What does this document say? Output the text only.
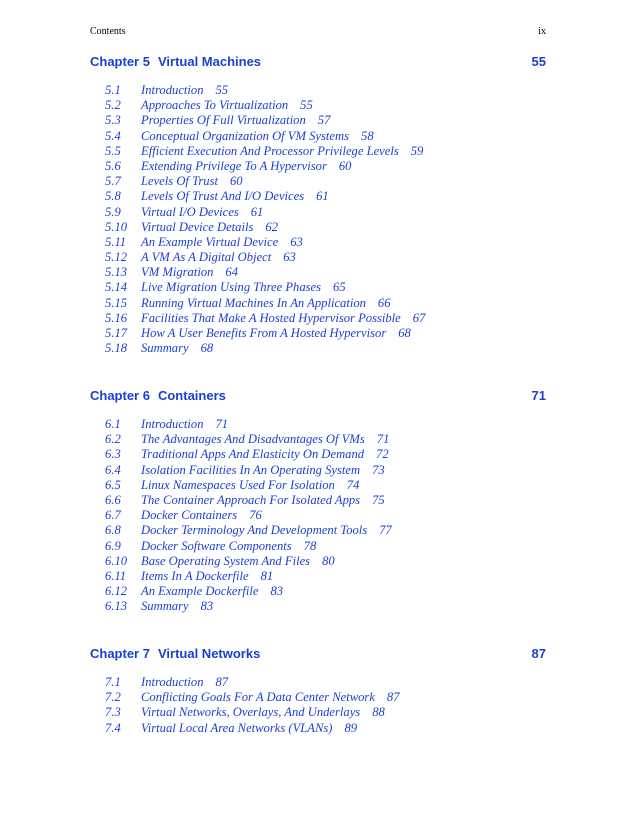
Contents	ix
Chapter 5 Virtual Machines	55
5.1 Introduction 55
5.2 Approaches To Virtualization 55
5.3 Properties Of Full Virtualization 57
5.4 Conceptual Organization Of VM Systems 58
5.5 Efficient Execution And Processor Privilege Levels 59
5.6 Extending Privilege To A Hypervisor 60
5.7 Levels Of Trust 60
5.8 Levels Of Trust And I/O Devices 61
5.9 Virtual I/O Devices 61
5.10 Virtual Device Details 62
5.11 An Example Virtual Device 63
5.12 A VM As A Digital Object 63
5.13 VM Migration 64
5.14 Live Migration Using Three Phases 65
5.15 Running Virtual Machines In An Application 66
5.16 Facilities That Make A Hosted Hypervisor Possible 67
5.17 How A User Benefits From A Hosted Hypervisor 68
5.18 Summary 68
Chapter 6 Containers	71
6.1 Introduction 71
6.2 The Advantages And Disadvantages Of VMs 71
6.3 Traditional Apps And Elasticity On Demand 72
6.4 Isolation Facilities In An Operating System 73
6.5 Linux Namespaces Used For Isolation 74
6.6 The Container Approach For Isolated Apps 75
6.7 Docker Containers 76
6.8 Docker Terminology And Development Tools 77
6.9 Docker Software Components 78
6.10 Base Operating System And Files 80
6.11 Items In A Dockerfile 81
6.12 An Example Dockerfile 83
6.13 Summary 83
Chapter 7 Virtual Networks	87
7.1 Introduction 87
7.2 Conflicting Goals For A Data Center Network 87
7.3 Virtual Networks, Overlays, And Underlays 88
7.4 Virtual Local Area Networks (VLANs) 89
